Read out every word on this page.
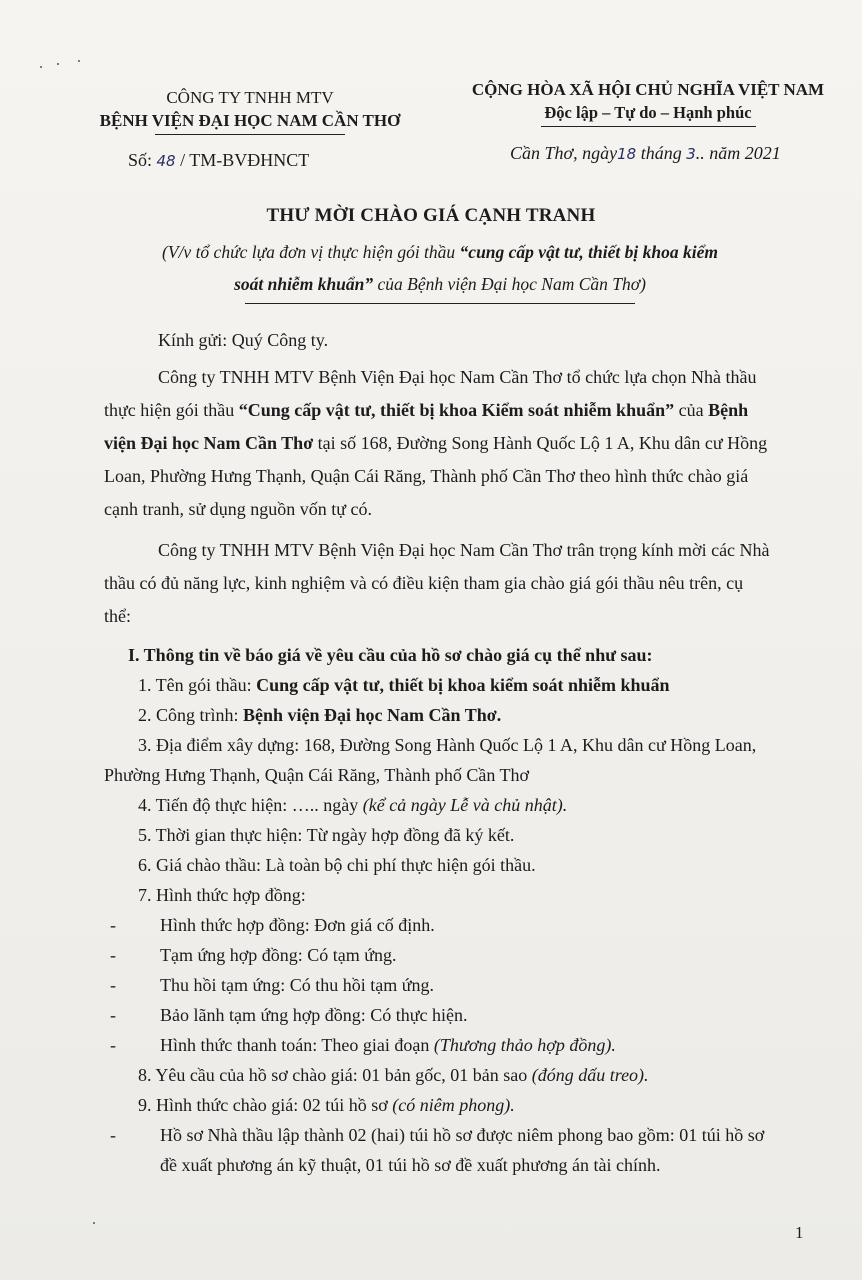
CÔNG TY TNHH MTV
BỆNH VIỆN ĐẠI HỌC NAM CẦN THƠ
CỘNG HÒA XÃ HỘI CHỦ NGHĨA VIỆT NAM
Độc lập – Tự do – Hạnh phúc
Số: 48 / TM-BVĐHNCT	Cần Thơ, ngày18 tháng 3.. năm 2021
THƯ MỜI CHÀO GIÁ CẠNH TRANH
(V/v tổ chức lựa đơn vị thực hiện gói thầu “cung cấp vật tư, thiết bị khoa kiểm
soát nhiễm khuẩn” của Bệnh viện Đại học Nam Cần Thơ)
Kính gửi: Quý Công ty.
Công ty TNHH MTV Bệnh Viện Đại học Nam Cần Thơ tổ chức lựa chọn Nhà thầu
thực hiện gói thầu “Cung cấp vật tư, thiết bị khoa Kiểm soát nhiễm khuẩn” của Bệnh
viện Đại học Nam Cần Thơ tại số 168, Đường Song Hành Quốc Lộ 1 A, Khu dân cư Hồng
Loan, Phường Hưng Thạnh, Quận Cái Răng, Thành phố Cần Thơ theo hình thức chào giá
cạnh tranh, sử dụng nguồn vốn tự có.
Công ty TNHH MTV Bệnh Viện Đại học Nam Cần Thơ trân trọng kính mời các Nhà
thầu có đủ năng lực, kinh nghiệm và có điều kiện tham gia chào giá gói thầu nêu trên, cụ
thể:
I. Thông tin về báo giá về yêu cầu của hồ sơ chào giá cụ thể như sau:
1. Tên gói thầu: Cung cấp vật tư, thiết bị khoa kiểm soát nhiễm khuẩn
2. Công trình: Bệnh viện Đại học Nam Cần Thơ.
3. Địa điểm xây dựng: 168, Đường Song Hành Quốc Lộ 1 A, Khu dân cư Hồng Loan,
Phường Hưng Thạnh, Quận Cái Răng, Thành phố Cần Thơ
4. Tiến độ thực hiện: ….. ngày (kể cả ngày Lễ và chủ nhật).
5. Thời gian thực hiện: Từ ngày hợp đồng đã ký kết.
6. Giá chào thầu: Là toàn bộ chi phí thực hiện gói thầu.
7. Hình thức hợp đồng:
- Hình thức hợp đồng: Đơn giá cố định.
- Tạm ứng hợp đồng: Có tạm ứng.
- Thu hồi tạm ứng: Có thu hồi tạm ứng.
- Bảo lãnh tạm ứng hợp đồng: Có thực hiện.
- Hình thức thanh toán: Theo giai đoạn (Thương thảo hợp đồng).
8. Yêu cầu của hồ sơ chào giá: 01 bản gốc, 01 bản sao (đóng dấu treo).
9. Hình thức chào giá: 02 túi hồ sơ (có niêm phong).
- Hồ sơ Nhà thầu lập thành 02 (hai) túi hồ sơ được niêm phong bao gồm: 01 túi hồ sơ
đề xuất phương án kỹ thuật, 01 túi hồ sơ đề xuất phương án tài chính.
1
